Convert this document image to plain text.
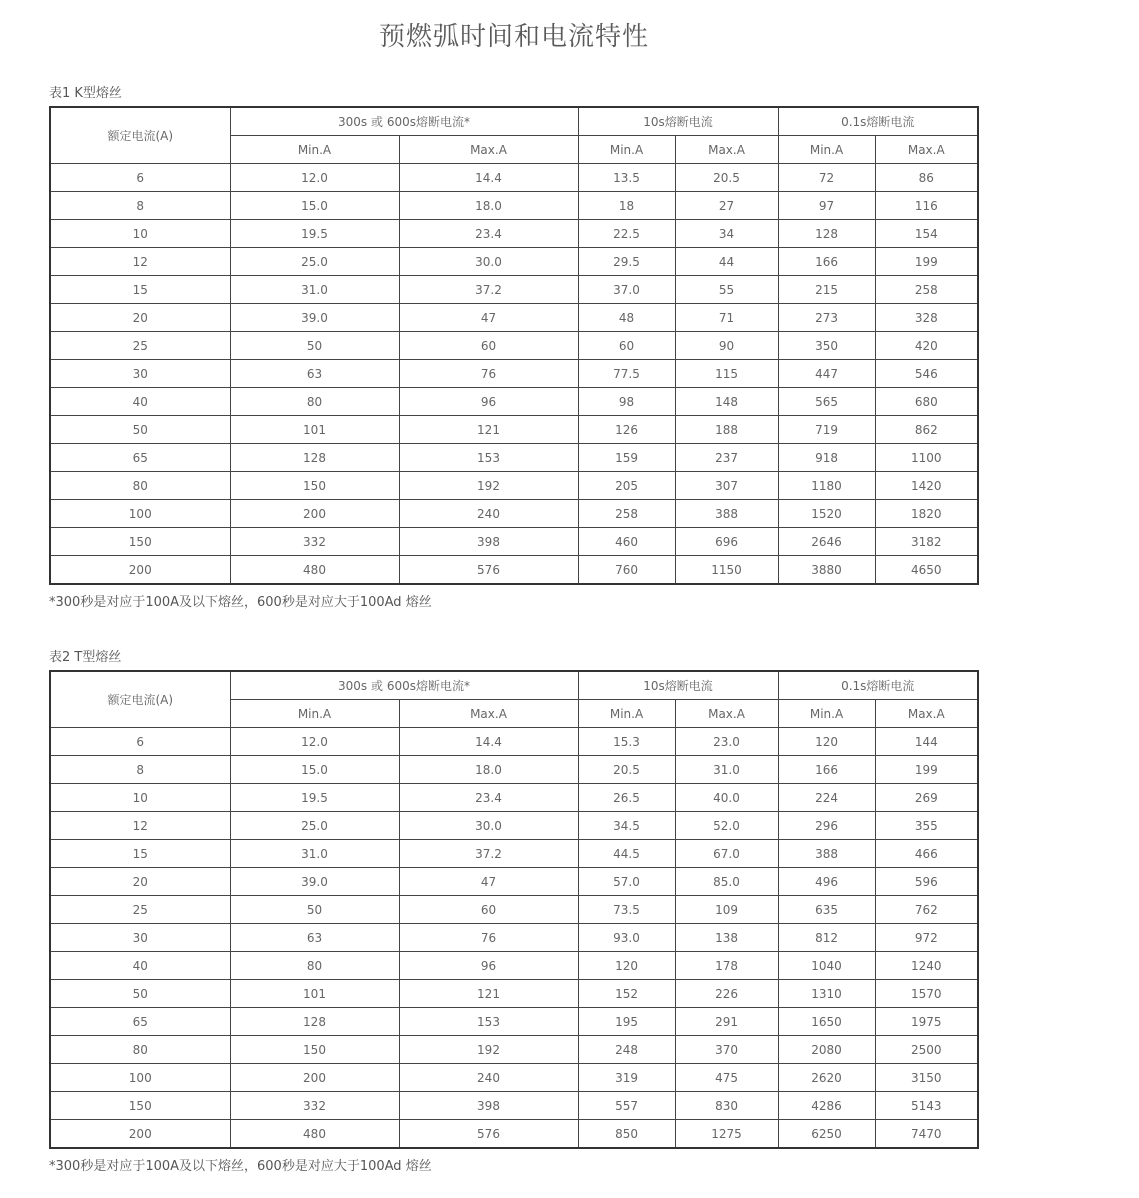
预燃弧时间和电流特性
表1 K型熔丝
额定电流(A)	300s 或 600s熔断电流*		10s熔断电流		0.1s熔断电流	
	Min.A	Max.A	Min.A	Max.A	Min.A	Max.A
6	12.0	14.4	13.5	20.5	72	86
8	15.0	18.0	18	27	97	116
10	19.5	23.4	22.5	34	128	154
12	25.0	30.0	29.5	44	166	199
15	31.0	37.2	37.0	55	215	258
20	39.0	47	48	71	273	328
25	50	60	60	90	350	420
30	63	76	77.5	115	447	546
40	80	96	98	148	565	680
50	101	121	126	188	719	862
65	128	153	159	237	918	1100
80	150	192	205	307	1180	1420
100	200	240	258	388	1520	1820
150	332	398	460	696	2646	3182
200	480	576	760	1150	3880	4650
*300秒是对应于100A及以下熔丝，600秒是对应大于100Ad 熔丝
表2 T型熔丝
额定电流(A)	300s 或 600s熔断电流*		10s熔断电流		0.1s熔断电流	
	Min.A	Max.A	Min.A	Max.A	Min.A	Max.A
6	12.0	14.4	15.3	23.0	120	144
8	15.0	18.0	20.5	31.0	166	199
10	19.5	23.4	26.5	40.0	224	269
12	25.0	30.0	34.5	52.0	296	355
15	31.0	37.2	44.5	67.0	388	466
20	39.0	47	57.0	85.0	496	596
25	50	60	73.5	109	635	762
30	63	76	93.0	138	812	972
40	80	96	120	178	1040	1240
50	101	121	152	226	1310	1570
65	128	153	195	291	1650	1975
80	150	192	248	370	2080	2500
100	200	240	319	475	2620	3150
150	332	398	557	830	4286	5143
200	480	576	850	1275	6250	7470
*300秒是对应于100A及以下熔丝，600秒是对应大于100Ad 熔丝
